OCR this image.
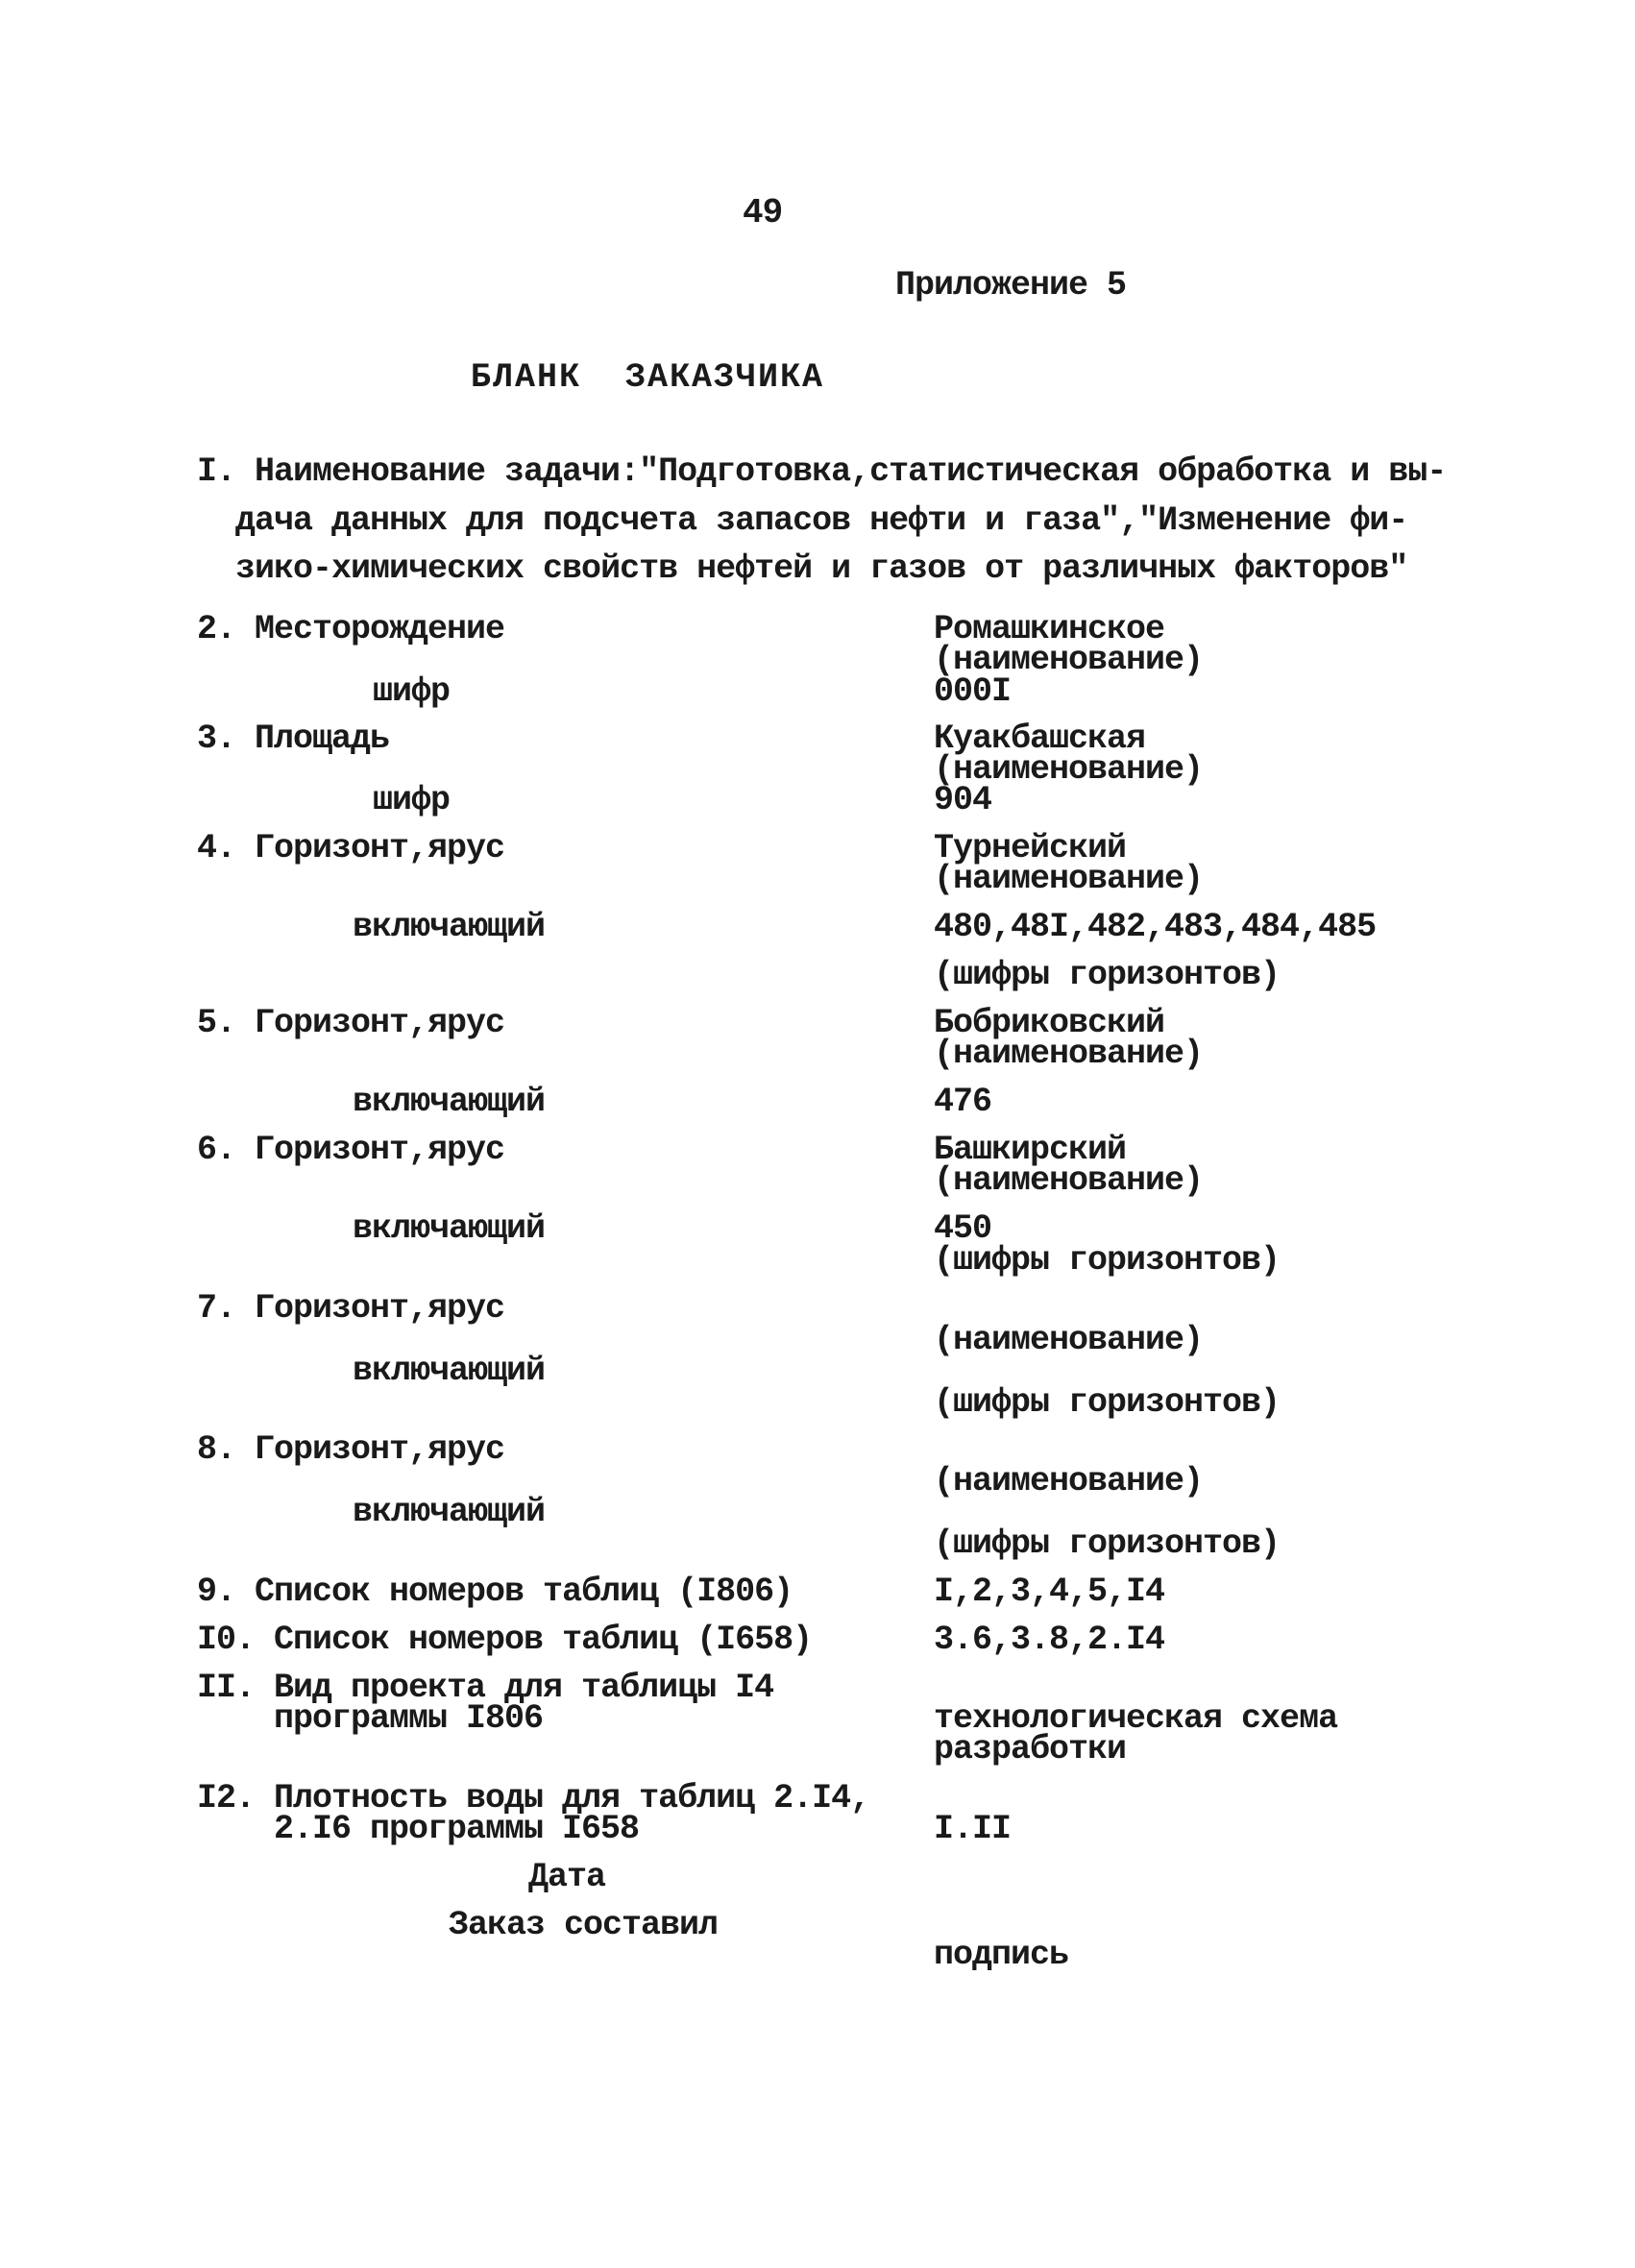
49
Приложение 5
БЛАНК  ЗАКАЗЧИКА
I. Наименование задачи:"Подготовка,статистическая обработка и вы-
дача данных для подсчета запасов нефти и газа","Изменение фи-
зико-химических свойств нефтей и газов от различных факторов"
2. Месторождение	Ромашкинское
(наименование)
шифр	000I
3. Площадь	Куакбашская
(наименование)
шифр	904
4. Горизонт,ярус	Турнейский
(наименование)
включающий	480,48I,482,483,484,485
(шифры горизонтов)
5. Горизонт,ярус	Бобриковский
(наименование)
включающий	476
6. Горизонт,ярус	Башкирский
(наименование)
включающий	450
(шифры горизонтов)
7. Горизонт,ярус
(наименование)
включающий
(шифры горизонтов)
8. Горизонт,ярус
(наименование)
включающий
(шифры горизонтов)
9. Список номеров таблиц (I806)	I,2,3,4,5,I4
I0. Список номеров таблиц (I658)	3.6,3.8,2.I4
II. Вид проекта для таблицы I4
программы I806	технологическая схема
разработки
I2. Плотность воды для таблиц 2.I4,
2.I6 программы I658	I.II
Дата
Заказ составил
подпись
